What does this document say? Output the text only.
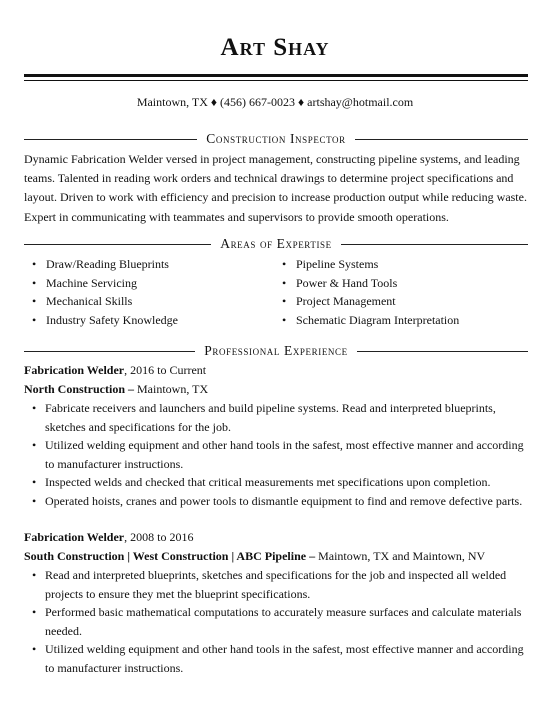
Art Shay
Maintown, TX ♦ (456) 667-0023 ♦ artshay@hotmail.com
Construction Inspector

Dynamic Fabrication Welder versed in project management, constructing pipeline systems, and leading teams. Talented in reading work orders and technical drawings to determine project specifications and layout. Driven to work with efficiency and precision to increase production output while reducing waste. Expert in communicating with teammates and supervisors to provide smooth operations.

Areas of Expertise
• Draw/Reading Blueprints
• Machine Servicing
• Mechanical Skills
• Industry Safety Knowledge
• Pipeline Systems
• Power & Hand Tools
• Project Management
• Schematic Diagram Interpretation
Professional Experience
Fabrication Welder, 2016 to Current
North Construction – Maintown, TX
• Fabricate receivers and launchers and build pipeline systems. Read and interpreted blueprints, sketches and specifications for the job.
• Utilized welding equipment and other hand tools in the safest, most effective manner and according to manufacturer instructions.
• Inspected welds and checked that critical measurements met specifications upon completion.
• Operated hoists, cranes and power tools to dismantle equipment to find and remove defective parts.
Fabrication Welder, 2008 to 2016
South Construction | West Construction | ABC Pipeline – Maintown, TX and Maintown, NV
• Read and interpreted blueprints, sketches and specifications for the job and inspected all welded projects to ensure they met the blueprint specifications.
• Performed basic mathematical computations to accurately measure surfaces and calculate materials needed.
• Utilized welding equipment and other hand tools in the safest, most effective manner and according to manufacturer instructions.
